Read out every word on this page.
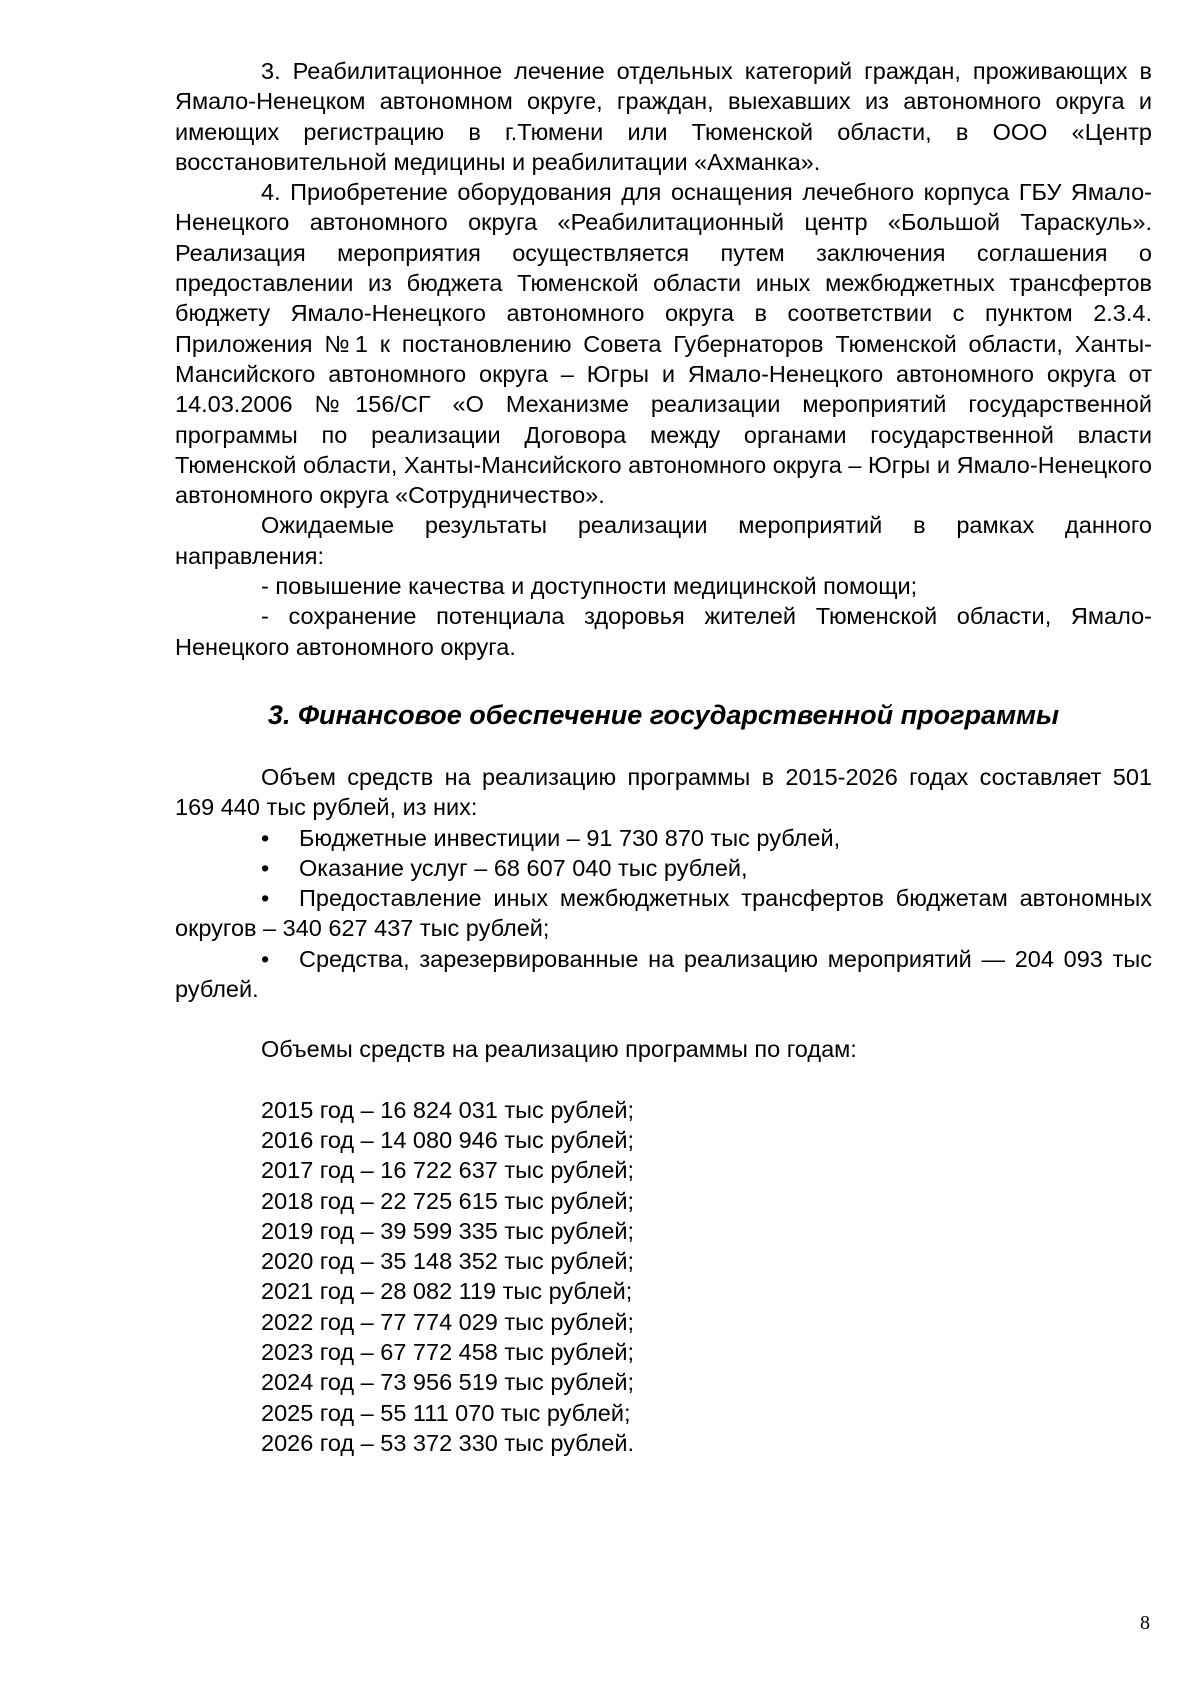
3. Реабилитационное лечение отдельных категорий граждан, проживающих в Ямало-Ненецком автономном округе, граждан, выехавших из автономного округа и имеющих регистрацию в г.Тюмени или Тюменской области, в ООО «Центр восстановительной медицины и реабилитации «Ахманка».

4. Приобретение оборудования для оснащения лечебного корпуса ГБУ Ямало-Ненецкого автономного округа «Реабилитационный центр «Большой Тараскуль». Реализация мероприятия осуществляется путем заключения соглашения о предоставлении из бюджета Тюменской области иных межбюджетных трансфертов бюджету Ямало-Ненецкого автономного округа в соответствии с пунктом 2.3.4. Приложения №1 к постановлению Совета Губернаторов Тюменской области, Ханты-Мансийского автономного округа – Югры и Ямало-Ненецкого автономного округа от 14.03.2006 №156/СГ «О Механизме реализации мероприятий государственной программы по реализации Договора между органами государственной власти Тюменской области, Ханты-Мансийского автономного округа – Югры и Ямало-Ненецкого автономного округа «Сотрудничество».

Ожидаемые результаты реализации мероприятий в рамках данного направления:

- повышение качества и доступности медицинской помощи;

- сохранение потенциала здоровья жителей Тюменской области, Ямало-Ненецкого автономного округа.

3. Финансовое обеспечение государственной программы

Объем средств на реализацию программы в 2015-2026 годах составляет 501 169 440 тыс рублей, из них:

• Бюджетные инвестиции – 91 730 870 тыс рублей,

• Оказание услуг – 68 607 040 тыс рублей,

• Предоставление иных межбюджетных трансфертов бюджетам автономных округов – 340 627 437 тыс рублей;

• Средства, зарезервированные на реализацию мероприятий — 204 093 тыс рублей.

Объемы средств на реализацию программы по годам:

2015 год – 16 824 031 тыс рублей;

2016 год – 14 080 946 тыс рублей;

2017 год – 16 722 637 тыс рублей;

2018 год – 22 725 615 тыс рублей;

2019 год – 39 599 335 тыс рублей;

2020 год – 35 148 352 тыс рублей;

2021 год – 28 082 119 тыс рублей;

2022 год – 77 774 029 тыс рублей;

2023 год – 67 772 458 тыс рублей;

2024 год – 73 956 519 тыс рублей;

2025 год – 55 111 070 тыс рублей;

2026 год – 53 372 330 тыс рублей.

8
